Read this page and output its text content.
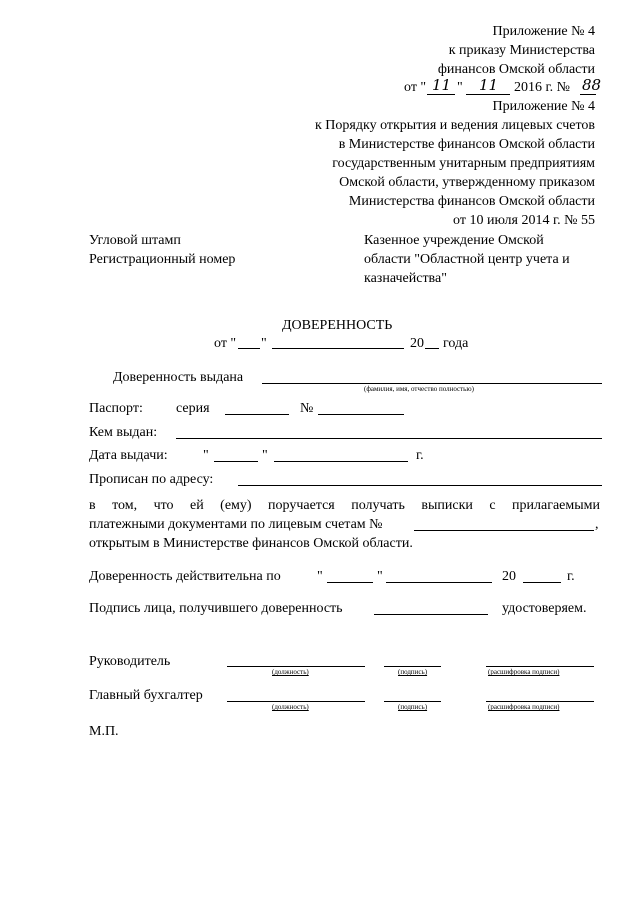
Приложение № 4
к приказу Министерства
финансов Омской области
от " 11 " 11 2016 г. № 88
Приложение № 4
к Порядку открытия и ведения лицевых счетов
в Министерстве финансов Омской области
государственным унитарным предприятиям
Омской области, утвержденному приказом
Министерства финансов Омской области
от 10 июля 2014 г. № 55
Угловой штамп
Регистрационный номер
Казенное учреждение Омской
области "Областной центр учета и
казначейства"
ДОВЕРЕННОСТЬ
от " "	20 года
Доверенность выдана
(фамилия, имя, отчество полностью)
Паспорт: серия	№
Кем выдан:
Дата выдачи:	"	"	г.
Прописан по адресу:
в том, что ей (ему) поручается получать выписки с прилагаемыми
платежными документами по лицевым счетам №	,
открытым в Министерстве финансов Омской области.
Доверенность действительна по	"	"	20	г.
Подпись лица, получившего доверенность	удостоверяем.
Руководитель
(должность)	(подпись)	(расшифровка подписи)
Главный бухгалтер
(должность)	(подпись)	(расшифровка подписи)
М.П.
